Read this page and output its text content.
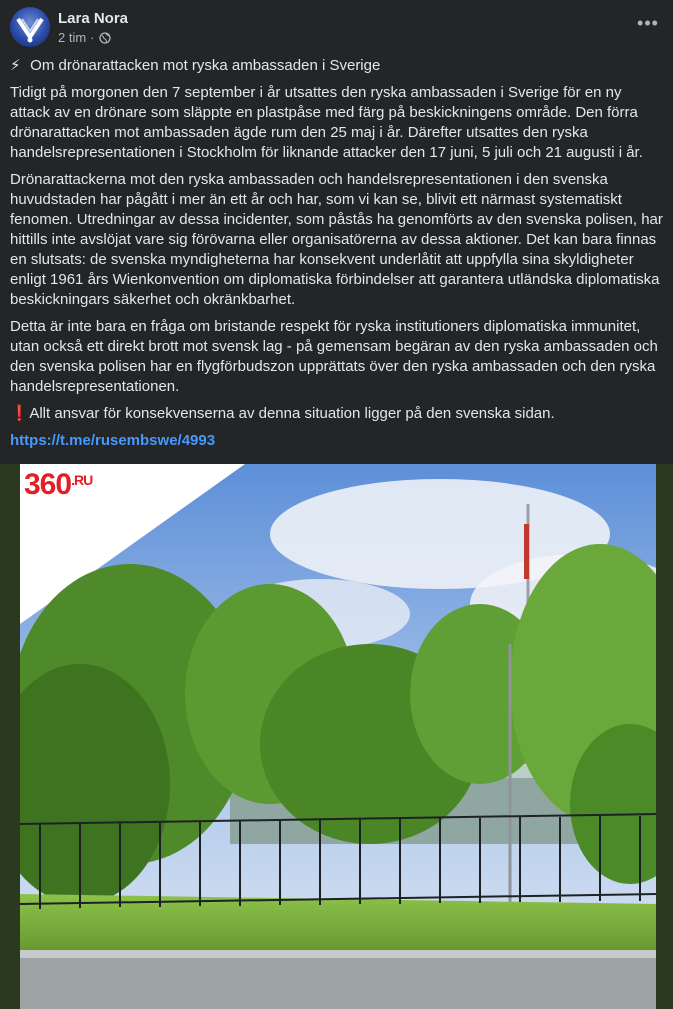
Lara Nora
2 tim ·
•••

⚡ Om drönarattacken mot ryska ambassaden i Sverige

Tidigt på morgonen den 7 september i år utsattes den ryska ambassaden i Sverige för en ny attack av en drönare som släppte en plastpåse med färg på beskickningens område. Den förra drönarattacken mot ambassaden ägde rum den 25 maj i år. Därefter utsattes den ryska handelsrepresentationen i Stockholm för liknande attacker den 17 juni, 5 juli och 21 augusti i år.

Drönarattackerna mot den ryska ambassaden och handelsrepresentationen i den svenska huvudstaden har pågått i mer än ett år och har, som vi kan se, blivit ett närmast systematiskt fenomen. Utredningar av dessa incidenter, som påstås ha genomförts av den svenska polisen, har hittills inte avslöjat vare sig förövarna eller organisatörerna av dessa aktioner. Det kan bara finnas en slutsats: de svenska myndigheterna har konsekvent underlåtit att uppfylla sina skyldigheter enligt 1961 års Wienkonvention om diplomatiska förbindelser att garantera utländska diplomatiska beskickningars säkerhet och okränkbarhet.

Detta är inte bara en fråga om bristande respekt för ryska institutioners diplomatiska immunitet, utan också ett direkt brott mot svensk lag - på gemensam begäran av den ryska ambassaden och den svenska polisen har en flygförbudszon upprättats över den ryska ambassaden och den ryska handelsrepresentationen.

❗ Allt ansvar för konsekvenserna av denna situation ligger på den svenska sidan.

https://t.me/rusembswe/4993

$360^{.RU}$
